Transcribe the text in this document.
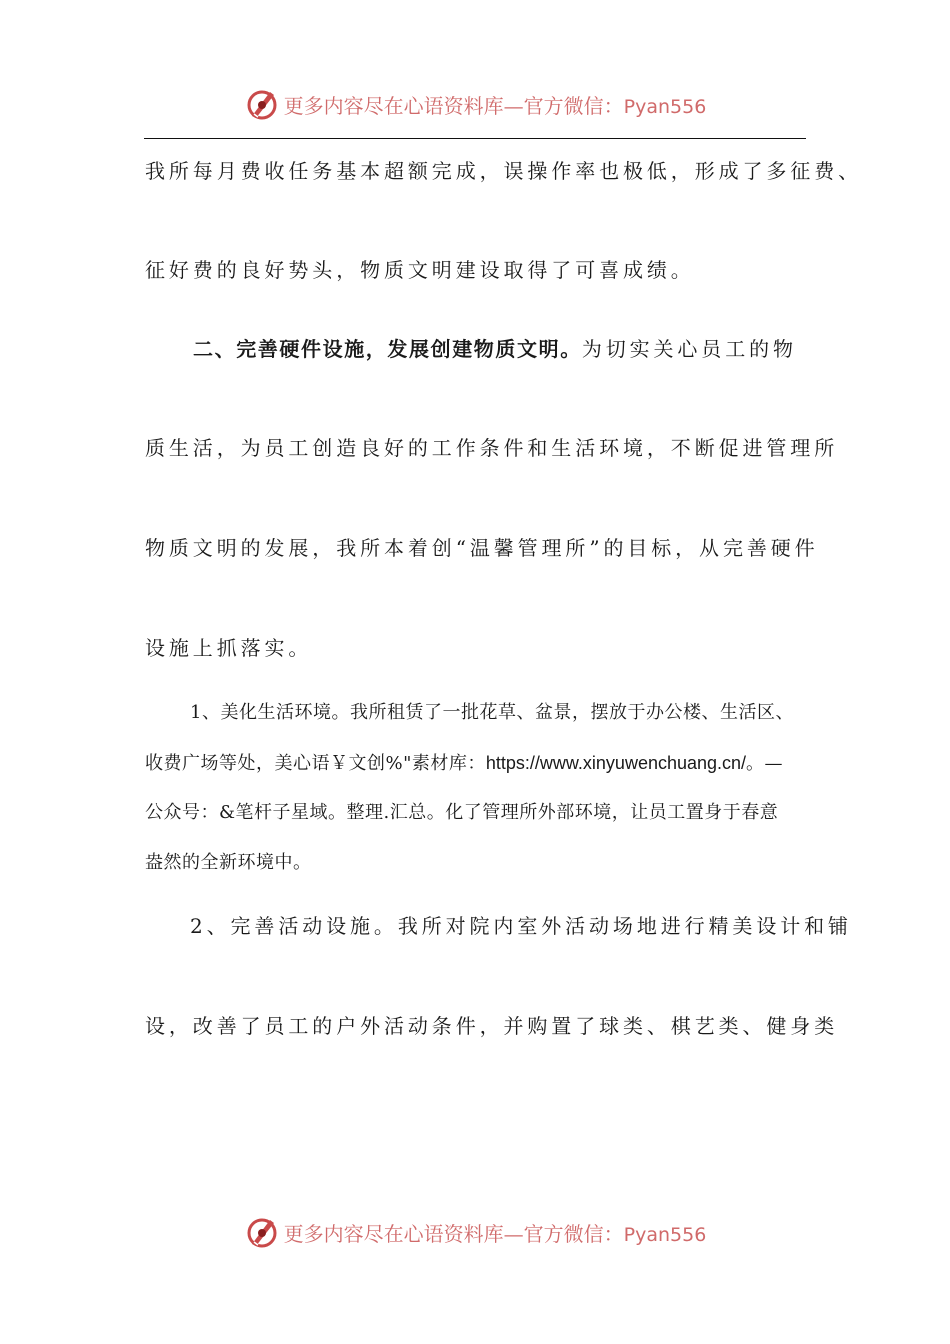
更多内容尽在心语资料库—官方微信：Pyan556
我所每月费收任务基本超额完成，误操作率也极低，形成了多征费、
征好费的良好势头，物质文明建设取得了可喜成绩。
二、完善硬件设施，发展创建物质文明。为切实关心员工的物
质生活，为员工创造良好的工作条件和生活环境，不断促进管理所
物质文明的发展，我所本着创“温馨管理所”的目标，从完善硬件
设施上抓落实。
1、美化生活环境。我所租赁了一批花草、盆景，摆放于办公楼、生活区、
收费广场等处，美心语￥文创%"素材库：https://www.xinyuwenchuang.cn/。—
公众号：&笔杆子星域。整理.汇总。化了管理所外部环境，让员工置身于春意
盎然的全新环境中。
2、完善活动设施。我所对院内室外活动场地进行精美设计和铺
设，改善了员工的户外活动条件，并购置了球类、棋艺类、健身类
更多内容尽在心语资料库—官方微信：Pyan556
